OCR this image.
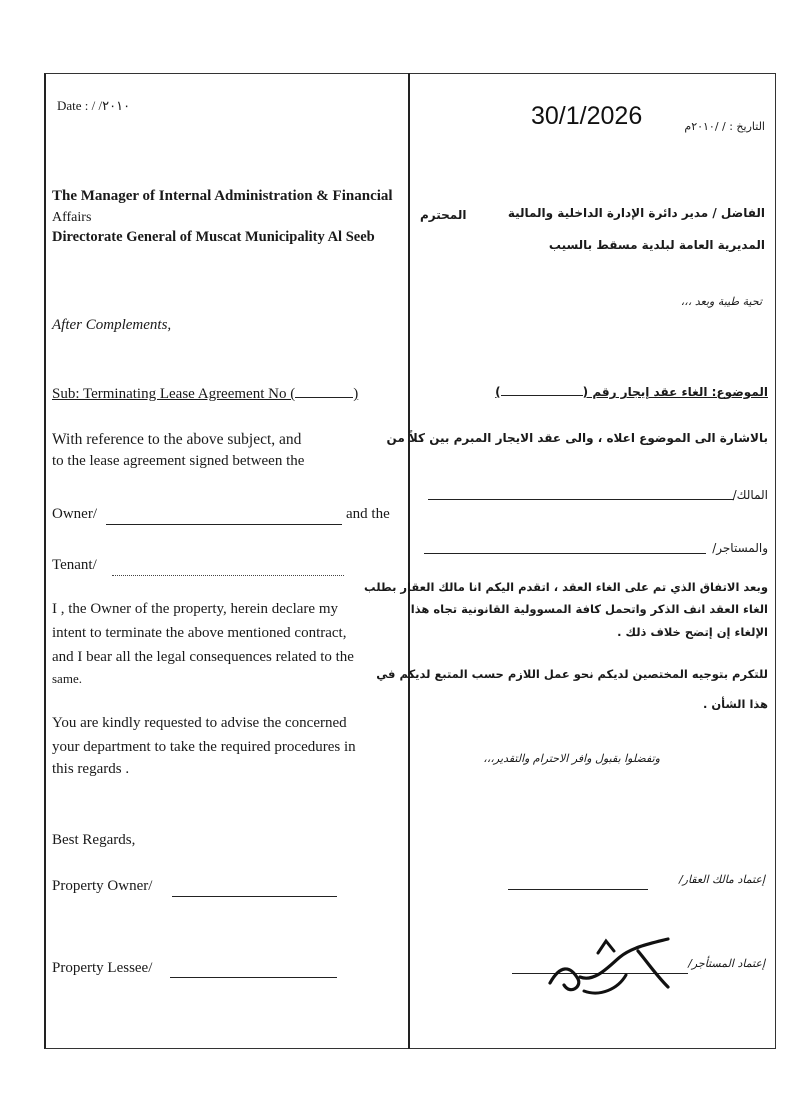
Date : / /٢٠١٠
The Manager of Internal Administration & Financial
Affairs
Directorate General of Muscat Municipality Al Seeb
After Complements,
Sub: Terminating Lease Agreement No (	)
With reference to the above subject, and
to the lease agreement signed between the
Owner/	and the
Tenant/
I , the Owner of the property, herein declare my
intent to terminate the above mentioned contract,
and I bear all the legal consequences related to the
same.
You are kindly requested to advise the concerned
your department to take the required procedures in
this regards .
Best Regards,
Property Owner/
Property Lessee/
30/1/2026	التاريخ : / /٢٠١٠م
المحترم	الفاضل / مدير دائرة الإدارة الداخلية والمالية
المديرية العامة لبلدية مسقط بالسيب
تحية طيبة وبعد ،،،
الموضوع: الغاء عقد إيجار رقم ()
بالاشارة الى الموضوع اعلاه ، والى عقد الايجار المبرم بين كلاً من
المالك/
والمستاجر/
وبعد الاتفاق الذي تم على الغاء العقد ، اتقدم اليكم انا مالك العقار بطلب
الغاء العقد انف الذكر واتحمل كافة المسوولية القانونية تجاه هذا
الإلغاء إن إتضح خلاف ذلك .
للتكرم بتوجيه المختصين لديكم نحو عمل اللازم حسب المتبع لديكم في
هذا الشأن .
وتفضلوا بقبول وافر الاحترام والتقدير،،،
إعتماد مالك العقار/
إعتماد المستأجر/
